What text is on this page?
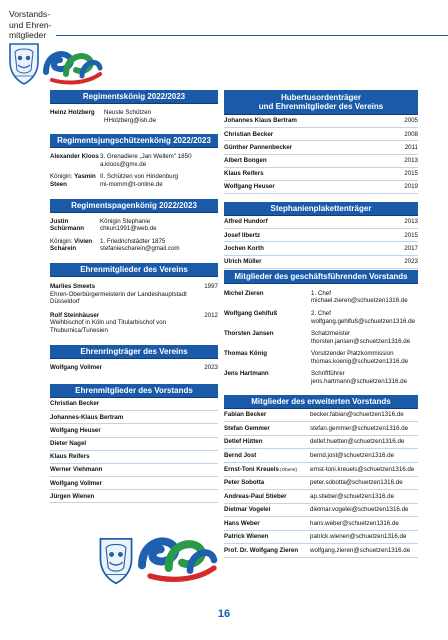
Vorstands-
und Ehren-
mitglieder
Regimentskönig 2022/2023
Heinz Holzberg	Neuste Schützen
HHolzberg@ish.de
Regimentsjungschützenkönig 2022/2023
Alexander Kloos 3. Grenadiere „Jan Wellem" 1850
a.kloos@gmx.de
Königin: Yasmin Steen
II. Schützen von Hindenburg
mi-momm@t-online.de
Regimentspagenkönig 2022/2023
Justin Schürmann
Königin Stephanie
chkun1991@web.de
Königin: Vivien Scharein
1. Friedrichstädter 1875
stefaniescharein@gmail.com
Ehrenmitglieder des Vereins
Marlies Smeets	1997
Ehren-Oberbürgermeisterin der Landeshauptstadt Düsseldorf
Rolf Steinhäuser	2012
Weihbischof in Köln und Titularbischof von Thuburnica/Tunesien
Ehrenringträger des Vereins
Wolfgang Vollmer	2023
Ehrenmitglieder des Vorstands
Christian Becker
Johannes-Klaus Bertram
Wolfgang Heuser
Dieter Nagel
Klaus Reifers
Werner Viehmann
Wolfgang Vollmer
Jürgen Wienen
Hubertusordenträger
und Ehrenmitglieder des Vereins
Johannes Klaus Bertram	2005
Christian Becker	2008
Günther Pannenbecker	2011
Albert Bongen	2013
Klaus Reifers	2015
Wolfgang Heuser	2019
Stephanienplakettenträger
Alfred Hundorf	2013
Josef Ilbertz	2015
Jochen Korth	2017
Ulrich Müller	2023
Mitglieder des geschäftsführenden Vorstands
Michel Zieren	1. Chef
michael.zieren@schuetzen1316.de
Wolfgang Gehlfuß	2. Chef
wolfgang.gehlfuß@schuetzen1316.de
Thorsten Jansen	Schatzmeister
thorsten.jansen@schuetzen1316.de
Thomas König	Vorsitzender Platzkommission
thomas.koenig@schuetzen1316.de
Jens Hartmann	Schriftführer
jens.hartmann@schuetzen1316.de
Mitglieder des erweiterten Vorstands
Fabian Becker	becker.fabian@schuetzen1316.de
Stefan Gemmer	stefan.gemmer@schuetzen1316.de
Detlef Hütten	detlef.huetten@schuetzen1316.de
Bernd Jost	bernd.jost@schuetzen1316.de
Ernst-Toni Kreuels (Oberst)	ernst-toni.kreuels@schuetzen1316.de
Peter Sobotta	peter.sobotta@schuetzen1316.de
Andreas-Paul Stieber	ap.stieber@schuetzen1316.de
Dietmar Vogelei	dietmar.vogelei@schuetzen1316.de
Hans Weber	hans.weber@schuetzen1316.de
Patrick Wienen	patrick.wienen@schuetzen1316.de
Prof. Dr. Wolfgang Zieren	wolfgang.zieren@schuetzen1316.de
16
